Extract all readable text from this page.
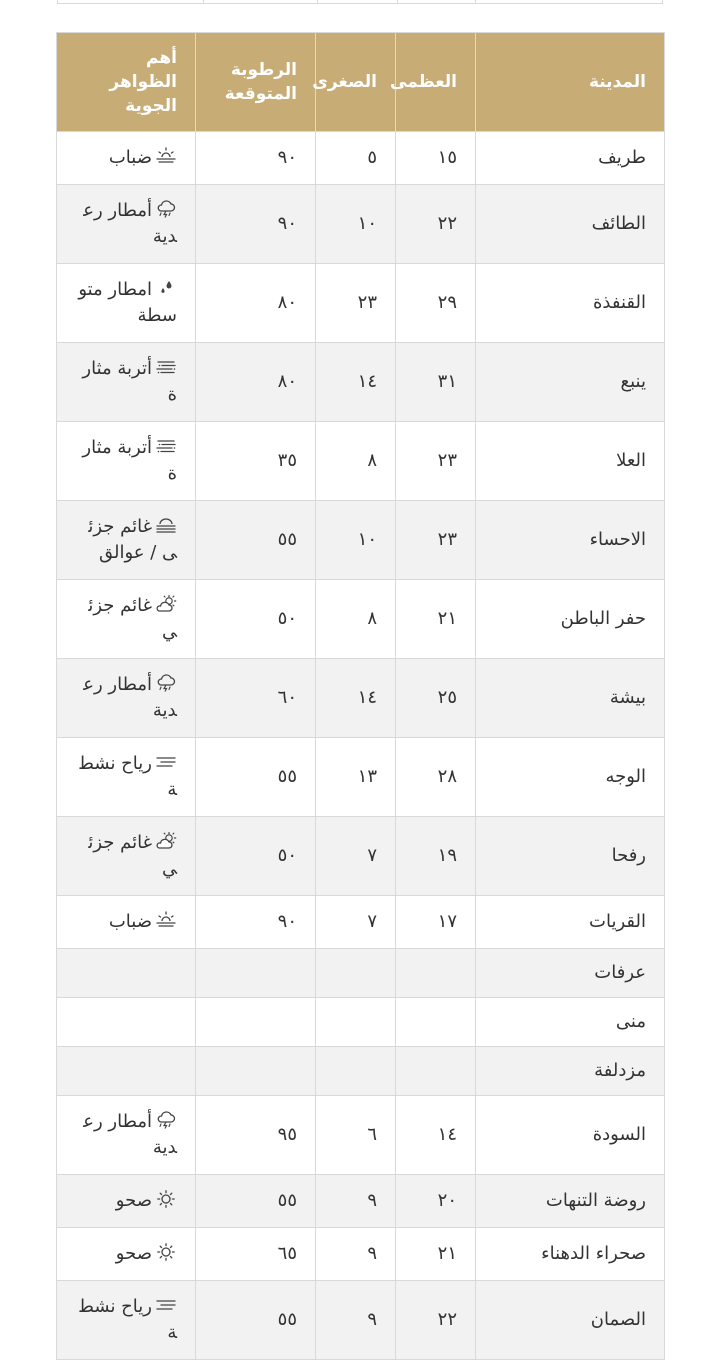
المدينة	العظمى	الصغرى	الرطوبة المتوقعة	أهم الظواهر الجوية
طريف	١٥	٥	٩٠	ضباب
الطائف	٢٢	١٠	٩٠	أمطار رعدية
القنفذة	٢٩	٢٣	٨٠	امطار متوسطة
ينبع	٣١	١٤	٨٠	أتربة مثارة
العلا	٢٣	٨	٣٥	أتربة مثارة
الاحساء	٢٣	١٠	٥٥	غائم جزئى / عوالق
حفر الباطن	٢١	٨	٥٠	غائم جزئي
بيشة	٢٥	١٤	٦٠	أمطار رعدية
الوجه	٢٨	١٣	٥٥	رياح نشطة
رفحا	١٩	٧	٥٠	غائم جزئي
القريات	١٧	٧	٩٠	ضباب
عرفات				
منى				
مزدلفة				
السودة	١٤	٦	٩٥	أمطار رعدية
روضة التنهات	٢٠	٩	٥٥	صحو
صحراء الدهناء	٢١	٩	٦٥	صحو
الصمان	٢٢	٩	٥٥	رياح نشطة
